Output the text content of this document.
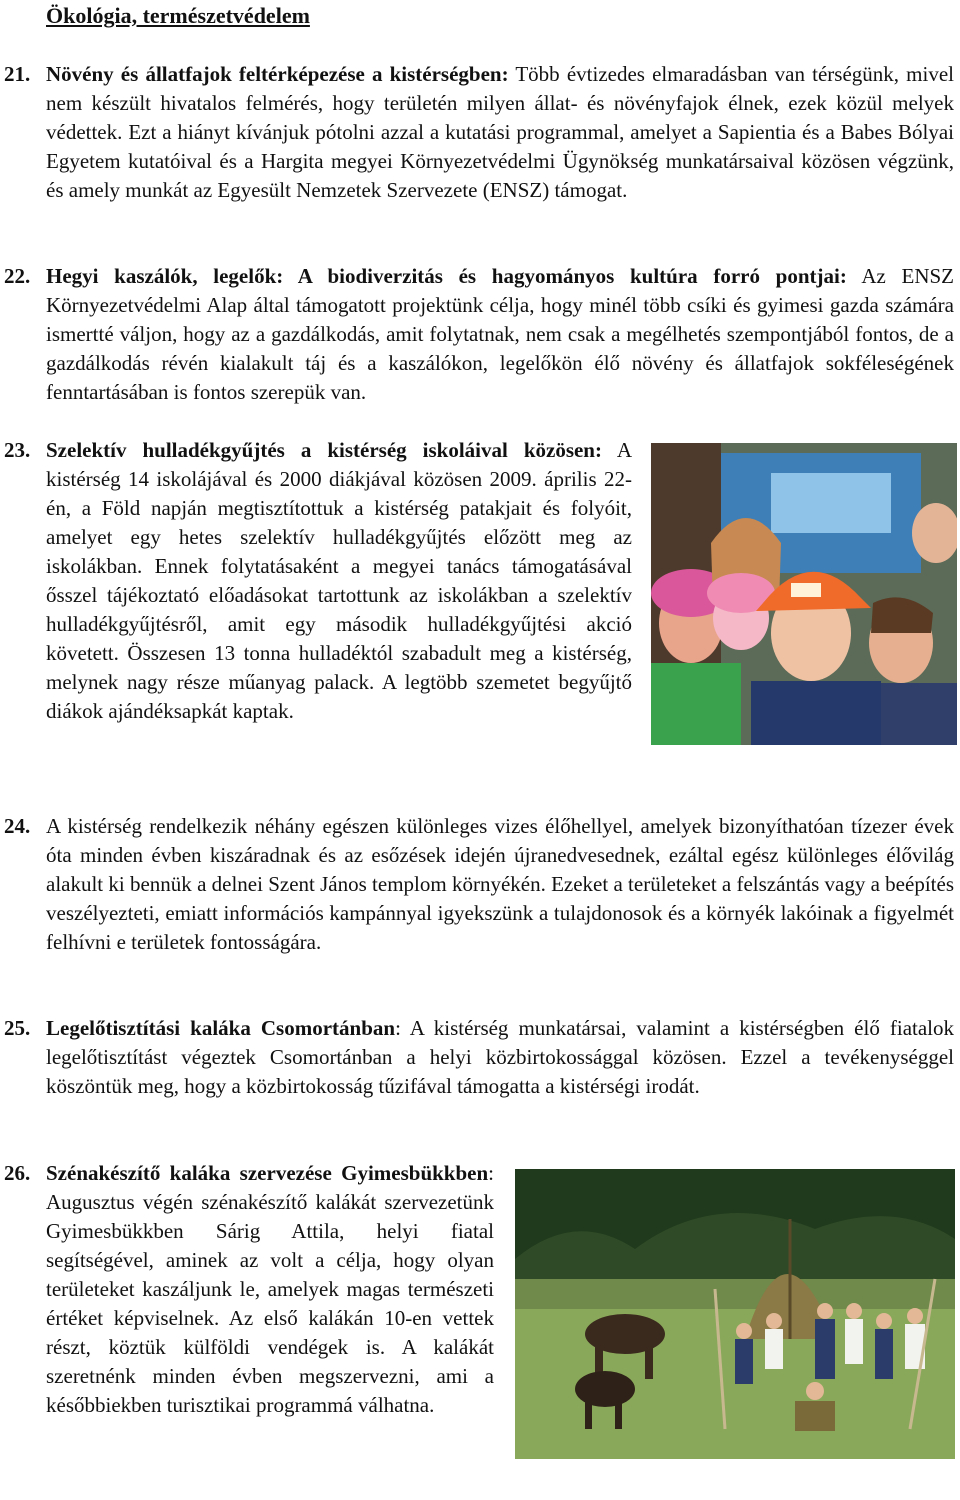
Ökológia, természetvédelem
21. Növény és állatfajok feltérképezése a kistérségben: Több évtizedes elmaradásban van térségünk, mivel nem készült hivatalos felmérés, hogy területén milyen állat- és növényfajok élnek, ezek közül melyek védettek. Ezt a hiányt kívánjuk pótolni azzal a kutatási programmal, amelyet a Sapientia és a Babes Bólyai Egyetem kutatóival és a Hargita megyei Környezetvédelmi Ügynökség munkatársaival közösen végzünk, és amely munkát az Egyesült Nemzetek Szervezete (ENSZ) támogat.
22. Hegyi kaszálók, legelők: A biodiverzitás és hagyományos kultúra forró pontjai: Az ENSZ Környezetvédelmi Alap által támogatott projektünk célja, hogy minél több csíki és gyimesi gazda számára ismertté váljon, hogy az a gazdálkodás, amit folytatnak, nem csak a megélhetés szempontjából fontos, de a gazdálkodás révén kialakult táj és a kaszálókon, legelőkön élő növény és állatfajok sokféleségének fenntartásában is fontos szerepük van.
23. Szelektív hulladékgyűjtés a kistérség iskoláival közösen: A kistérség 14 iskolájával és 2000 diákjával közösen 2009. április 22-én, a Föld napján megtisztítottuk a kistérség patakjait és folyóit, amelyet egy hetes szelektív hulladékgyűjtés előzött meg az iskolákban. Ennek folytatásaként a megyei tanács támogatásával ősszel tájékoztató előadásokat tartottunk az iskolákban a szelektív hulladékgyűjtésről, amit egy második hulladékgyűjtési akció követett. Összesen 13 tonna hulladéktól szabadult meg a kistérség, melynek nagy része műanyag palack. A legtöbb szemetet begyűjtő diákok ajándéksapkát kaptak.
24. A kistérség rendelkezik néhány egészen különleges vizes élőhellyel, amelyek bizonyíthatóan tízezer évek óta minden évben kiszáradnak és az esőzések idején újranedvesednek, ezáltal egész különleges élővilág alakult ki bennük a delnei Szent János templom környékén. Ezeket a területeket a felszántás vagy a beépítés veszélyezteti, emiatt információs kampánnyal igyekszünk a tulajdonosok és a környék lakóinak a figyelmét felhívni e területek fontosságára.
25. Legelőtisztítási kaláka Csomortánban: A kistérség munkatársai, valamint a kistérségben élő fiatalok legelőtisztítást végeztek Csomortánban a helyi közbirtokossággal közösen. Ezzel a tevékenységgel köszöntük meg, hogy a közbirtokosság tűzifával támogatta a kistérségi irodát.
26. Szénakészítő kaláka szervezése Gyimesbükkben: Augusztus végén szénakészítő kalákát szervezetünk Gyimesbükkben Sárig Attila, helyi fiatal segítségével, aminek az volt a célja, hogy olyan területeket kaszáljunk le, amelyek magas természeti értéket képviselnek. Az első kalákán 10-en vettek részt, köztük külföldi vendégek is. A kalákát szeretnénk minden évben megszervezni, ami a későbbiekben turisztikai programmá válhatna.
